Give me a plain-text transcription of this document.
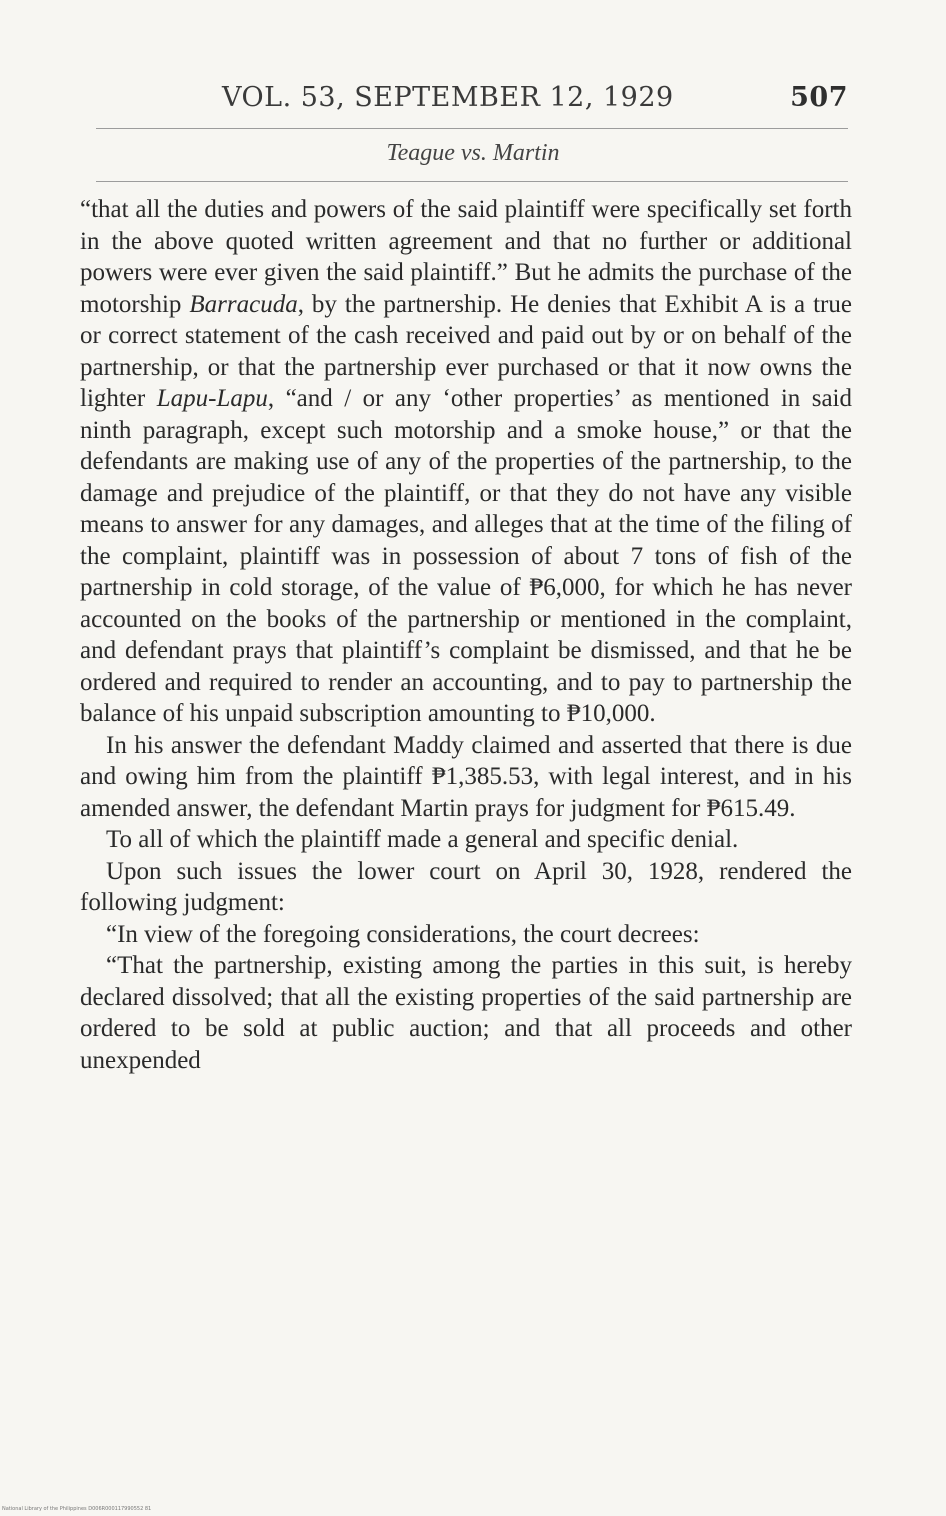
VOL. 53, SEPTEMBER 12, 1929	507
Teague vs. Martin

“that all the duties and powers of the said plaintiff were specifically set forth in the above quoted written agreement and that no further or additional powers were ever given the said plaintiff.” But he admits the purchase of the motorship Barracuda, by the partnership. He denies that Exhibit A is a true or correct statement of the cash received and paid out by or on behalf of the partnership, or that the partnership ever purchased or that it now owns the lighter Lapu-Lapu, “and / or any ‘other properties’ as mentioned in said ninth paragraph, except such motorship and a smoke house,” or that the defendants are making use of any of the properties of the partnership, to the damage and prejudice of the plaintiff, or that they do not have any visible means to answer for any damages, and alleges that at the time of the filing of the complaint, plaintiff was in possession of about 7 tons of fish of the partnership in cold storage, of the value of ₱6,000, for which he has never accounted on the books of the partnership or mentioned in the complaint, and defendant prays that plaintiff’s complaint be dismissed, and that he be ordered and required to render an accounting, and to pay to partnership the balance of his unpaid subscription amounting to ₱10,000.

In his answer the defendant Maddy claimed and asserted that there is due and owing him from the plaintiff ₱1,385.53, with legal interest, and in his amended answer, the defendant Martin prays for judgment for ₱615.49.

To all of which the plaintiff made a general and specific denial.

Upon such issues the lower court on April 30, 1928, rendered the following judgment:

“In view of the foregoing considerations, the court decrees:

“That the partnership, existing among the parties in this suit, is hereby declared dissolved; that all the existing properties of the said partnership are ordered to be sold at public auction; and that all proceeds and other unexpended

National Library of the Philippines D006R000117990552 81
